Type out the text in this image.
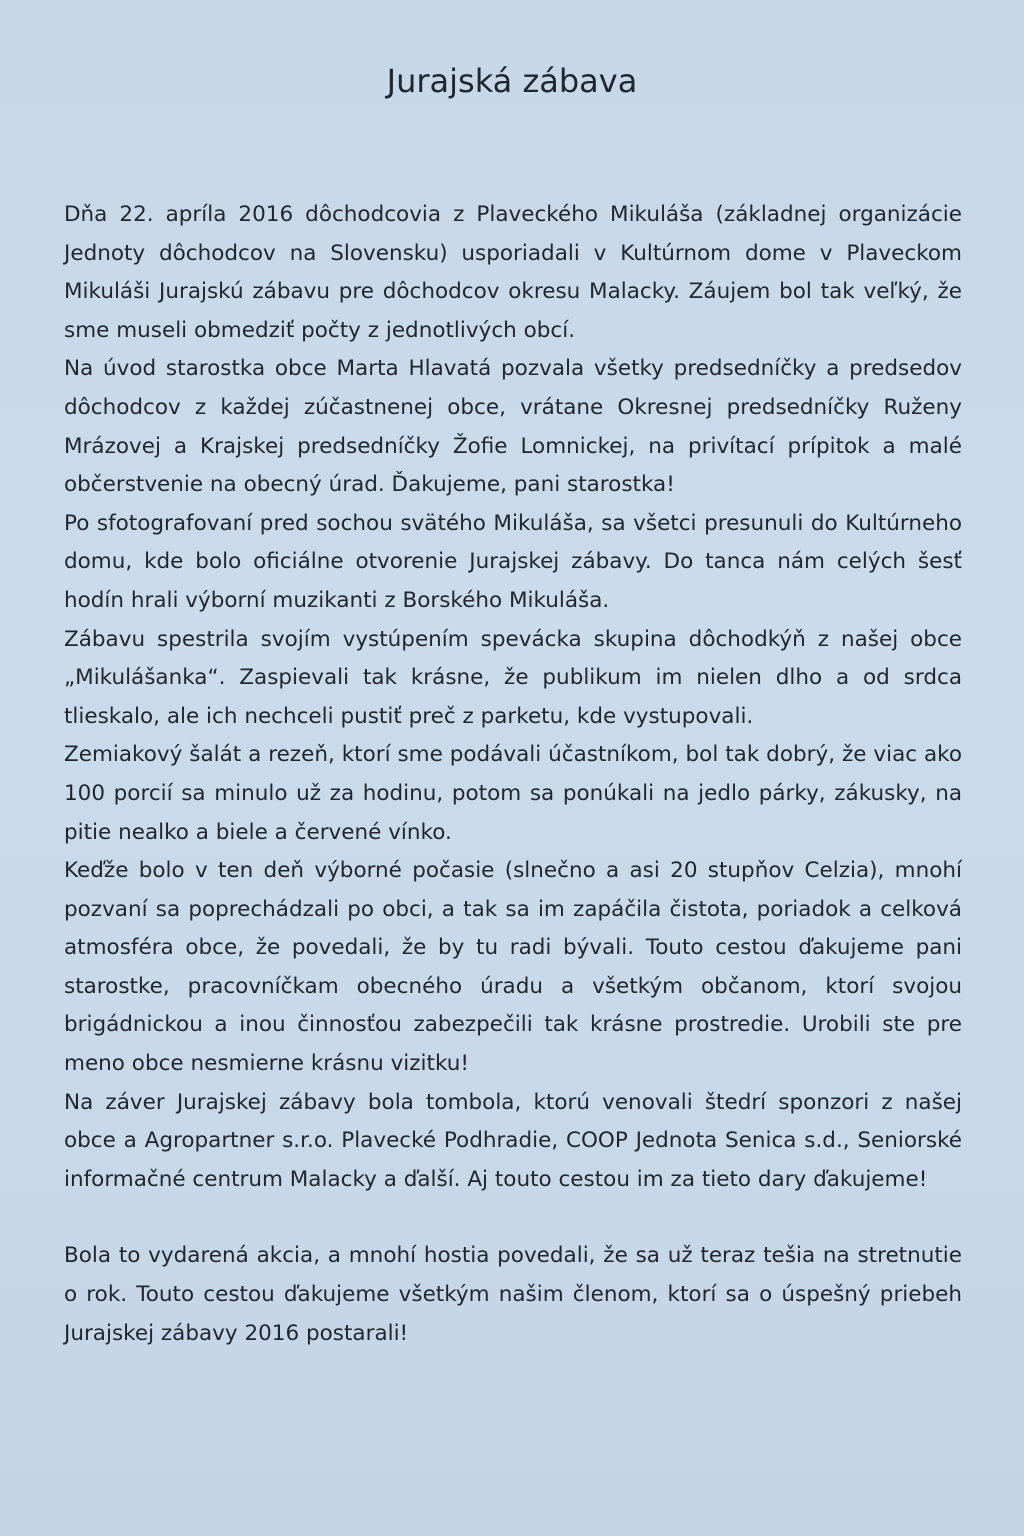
Jurajská zábava

Dňa 22. apríla 2016 dôchodcovia z Plaveckého Mikuláša (základnej organizácie Jednoty dôchodcov na Slovensku) usporiadali v Kultúrnom dome v Plaveckom Mikuláši Jurajskú zábavu pre dôchodcov okresu Malacky. Záujem bol tak veľký, že sme museli obmedziť počty z jednotlivých obcí.

Na úvod starostka obce Marta Hlavatá pozvala všetky predsedníčky a predsedov dôchodcov z každej zúčastnenej obce, vrátane Okresnej predsedníčky Ruženy Mrázovej a Krajskej predsedníčky Žofie Lomnickej, na privítací prípitok a malé občerstvenie na obecný úrad. Ďakujeme, pani starostka!

Po sfotografovaní pred sochou svätého Mikuláša, sa všetci presunuli do Kultúrneho domu, kde bolo oficiálne otvorenie Jurajskej zábavy. Do tanca nám celých šesť hodín hrali výborní muzikanti z Borského Mikuláša.

Zábavu spestrila svojím vystúpením spevácka skupina dôchodkýň z našej obce „Mikulášanka“. Zaspievali tak krásne, že publikum im nielen dlho a od srdca tlieskalo, ale ich nechceli pustiť preč z parketu, kde vystupovali.

Zemiakový šalát a rezeň, ktorí sme podávali účastníkom, bol tak dobrý, že viac ako 100 porcií sa minulo už za hodinu, potom sa ponúkali na jedlo párky, zákusky, na pitie nealko a biele a červené vínko.

Keďže bolo v ten deň výborné počasie (slnečno a asi 20 stupňov Celzia), mnohí pozvaní sa poprechádzali po obci, a tak sa im zapáčila čistota, poriadok a celková atmosféra obce, že povedali, že by tu radi bývali. Touto cestou ďakujeme pani starostke, pracovníčkam obecného úradu a všetkým občanom, ktorí svojou brigádnickou a inou činnosťou zabezpečili tak krásne prostredie. Urobili ste pre meno obce nesmierne krásnu vizitku!

Na záver Jurajskej zábavy bola tombola, ktorú venovali štedrí sponzori z našej obce a Agropartner s.r.o. Plavecké Podhradie, COOP Jednota Senica s.d., Seniorské informačné centrum Malacky a ďalší. Aj touto cestou im za tieto dary ďakujeme!

Bola to vydarená akcia, a mnohí hostia povedali, že sa už teraz tešia na stretnutie o rok. Touto cestou ďakujeme všetkým našim členom, ktorí sa o úspešný priebeh Jurajskej zábavy 2016 postarali!
